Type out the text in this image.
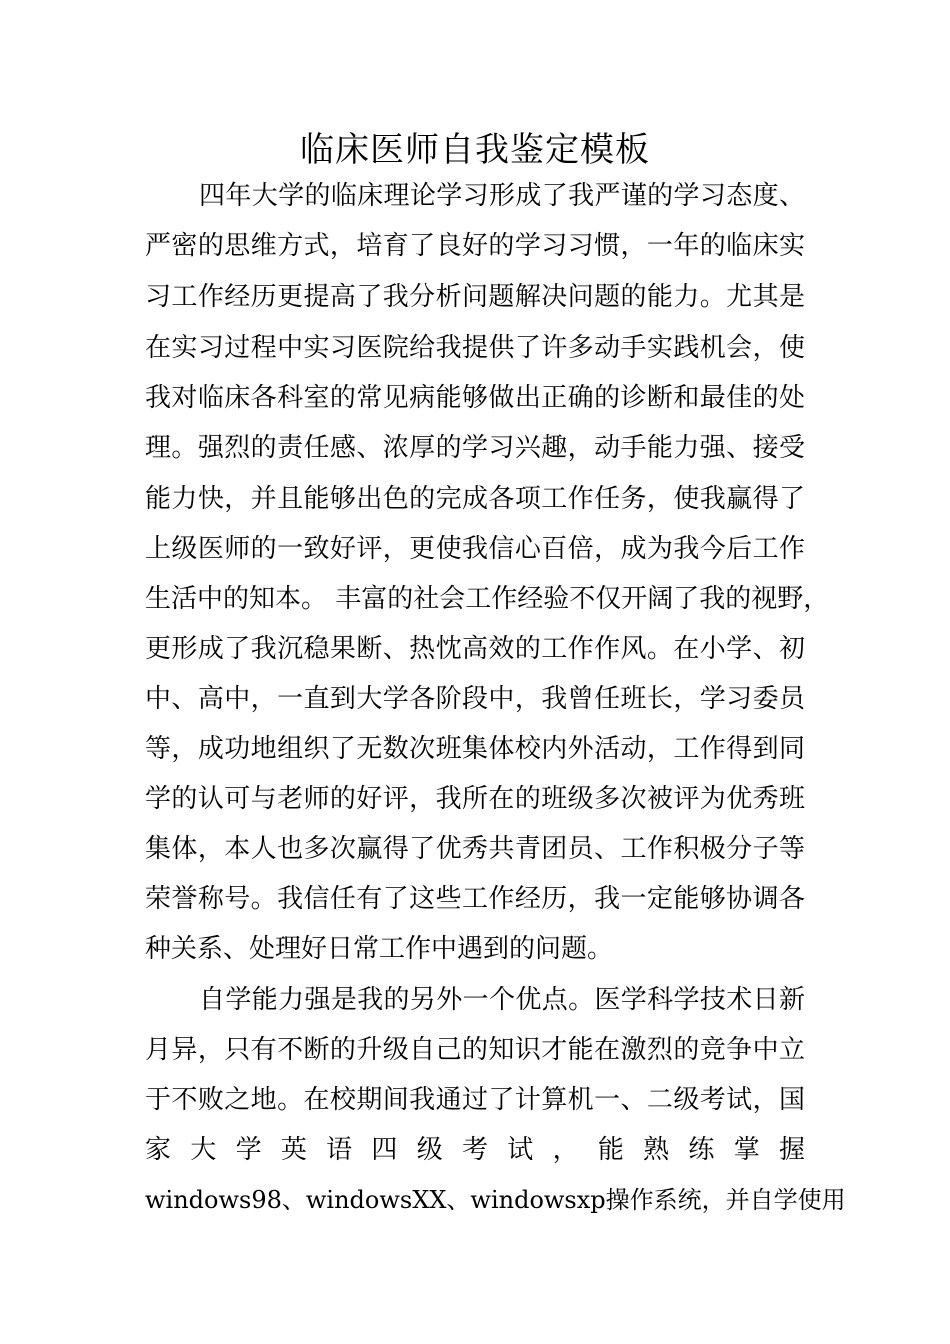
临床医师自我鉴定模板
四年大学的临床理论学习形成了我严谨的学习态度、
严密的思维方式，培育了良好的学习习惯，一年的临床实
习工作经历更提高了我分析问题解决问题的能力。尤其是
在实习过程中实习医院给我提供了许多动手实践机会，使
我对临床各科室的常见病能够做出正确的诊断和最佳的处
理。强烈的责任感、浓厚的学习兴趣，动手能力强、接受
能力快，并且能够出色的完成各项工作任务，使我赢得了
上级医师的一致好评，更使我信心百倍，成为我今后工作
生活中的知本。 丰富的社会工作经验不仅开阔了我的视野，
更形成了我沉稳果断、热忱高效的工作作风。在小学、初
中、高中，一直到大学各阶段中，我曾任班长，学习委员
等，成功地组织了无数次班集体校内外活动，工作得到同
学的认可与老师的好评，我所在的班级多次被评为优秀班
集体，本人也多次赢得了优秀共青团员、工作积极分子等
荣誉称号。我信任有了这些工作经历，我一定能够协调各
种关系、处理好日常工作中遇到的问题。
自学能力强是我的另外一个优点。医学科学技术日新
月异，只有不断的升级自己的知识才能在激烈的竞争中立
于不败之地。在校期间我通过了计算机一、二级考试，国
家 大 学 英 语 四 级 考 试 ， 能 熟 练 掌 握
windows98、windowsXX、windowsxp操作系统，并自学使用
